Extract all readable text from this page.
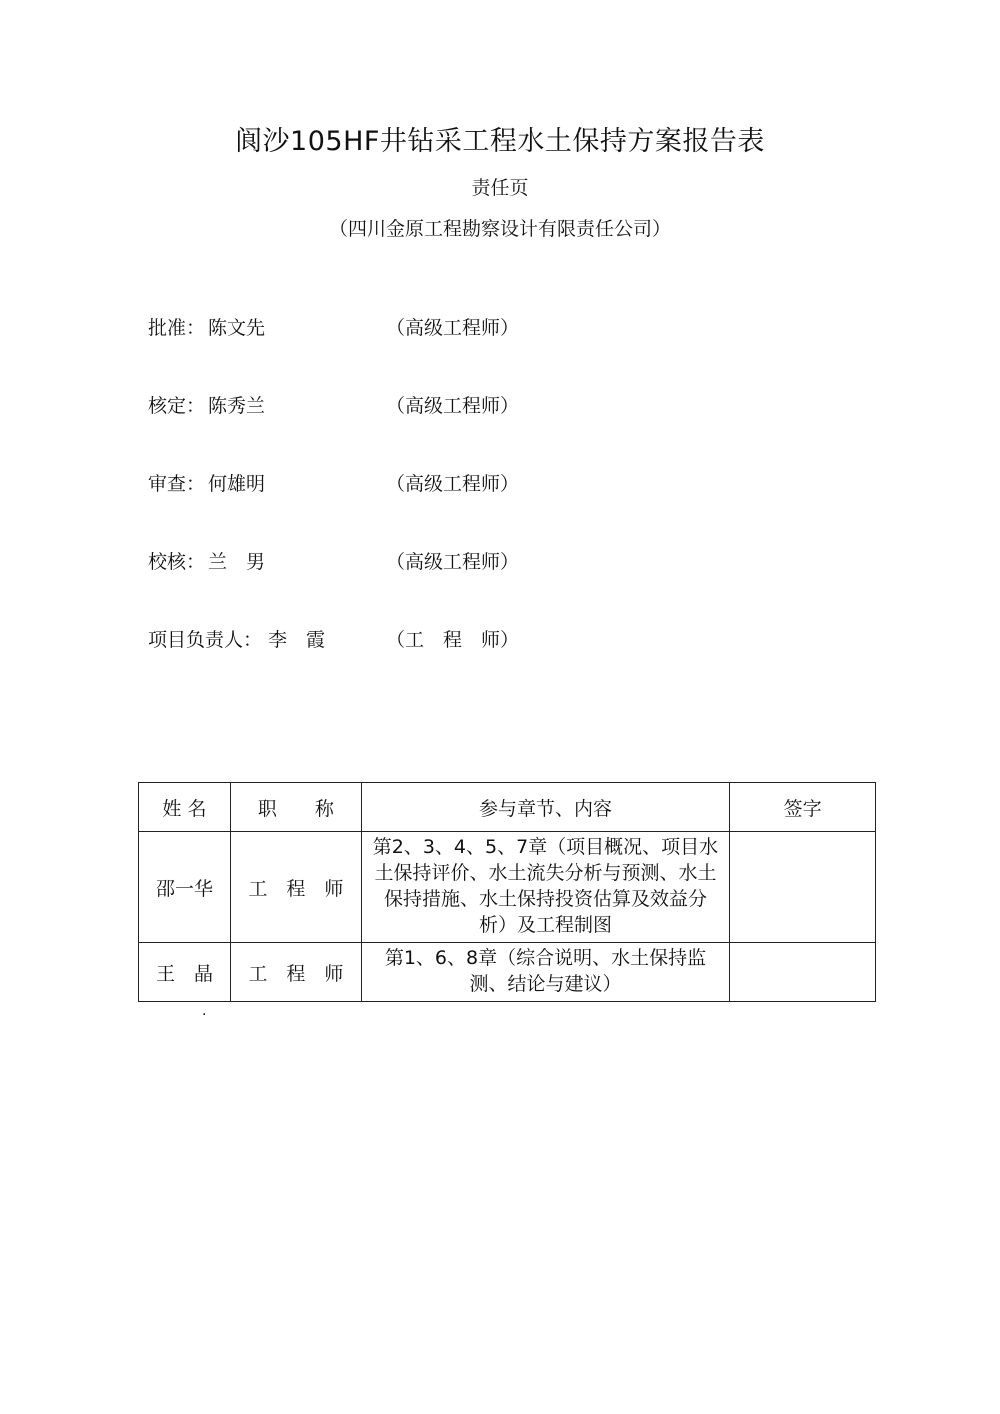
阆沙105HF井钻采工程水土保持方案报告表
责任页
（四川金原工程勘察设计有限责任公司）
批准： 陈文先	（高级工程师）
核定： 陈秀兰	（高级工程师）
审查： 何雄明	（高级工程师）
校核： 兰　男	（高级工程师）
项目负责人： 李　霞	（工　程　师）
姓 名	职　　称	参与章节、内容	签字
邵一华	工　程　师	第2、3、4、5、7章（项目概况、项目水土保持评价、水土流失分析与预测、水土保持措施、水土保持投资估算及效益分析）及工程制图	
王　晶	工　程　师	第1、6、8章（综合说明、水土保持监测、结论与建议）	
.
